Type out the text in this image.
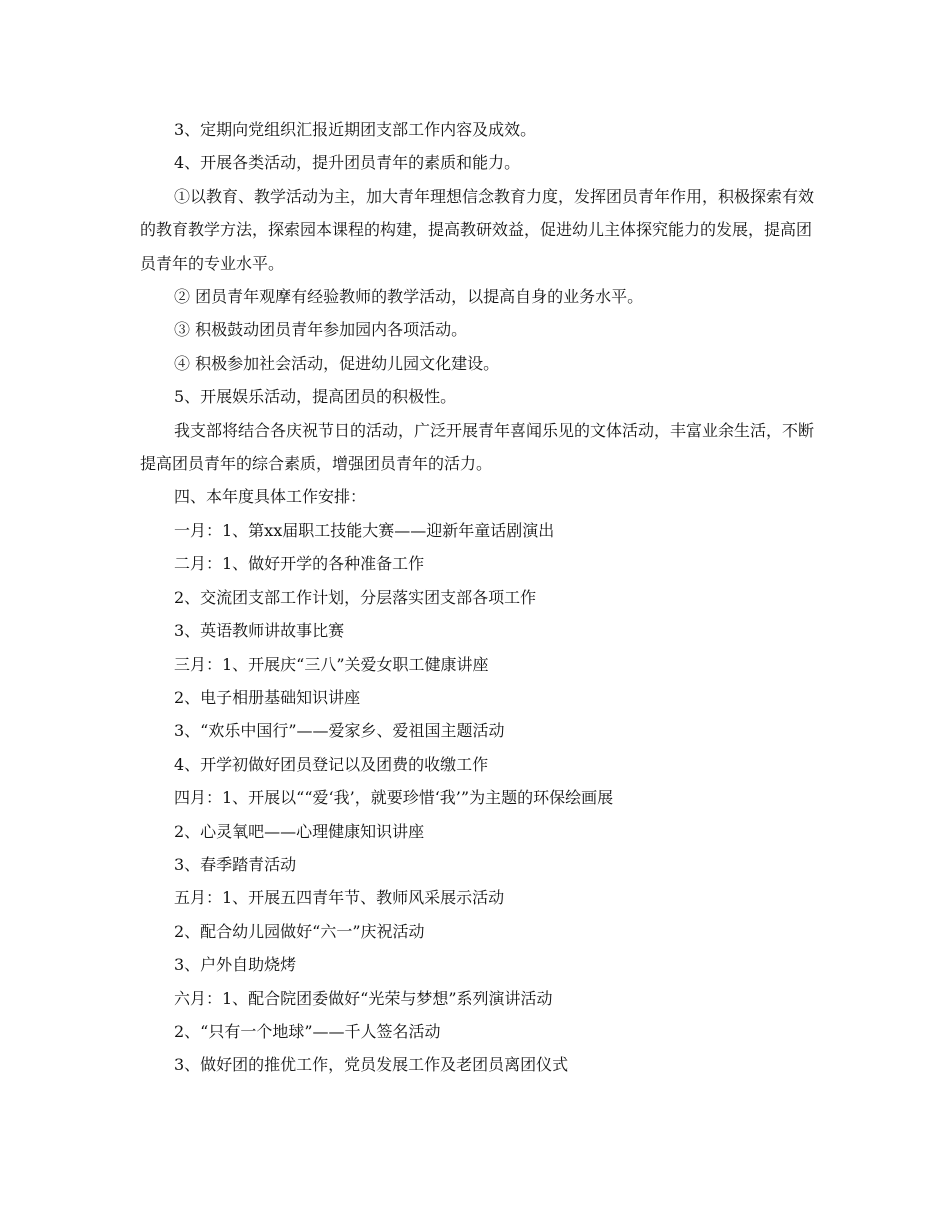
3、定期向党组织汇报近期团支部工作内容及成效。

4、开展各类活动，提升团员青年的素质和能力。

①以教育、教学活动为主，加大青年理想信念教育力度，发挥团员青年作用，积极探索有效的教育教学方法，探索园本课程的构建，提高教研效益，促进幼儿主体探究能力的发展，提高团员青年的专业水平。

② 团员青年观摩有经验教师的教学活动，以提高自身的业务水平。

③ 积极鼓动团员青年参加园内各项活动。

④ 积极参加社会活动，促进幼儿园文化建设。

5、开展娱乐活动，提高团员的积极性。

我支部将结合各庆祝节日的活动，广泛开展青年喜闻乐见的文体活动，丰富业余生活，不断提高团员青年的综合素质，增强团员青年的活力。

四、本年度具体工作安排：

一月：1、第xx届职工技能大赛——迎新年童话剧演出

二月：1、做好开学的各种准备工作

2、交流团支部工作计划，分层落实团支部各项工作

3、英语教师讲故事比赛

三月：1、开展庆“三八”关爱女职工健康讲座

2、电子相册基础知识讲座

3、“欢乐中国行”——爱家乡、爱祖国主题活动

4、开学初做好团员登记以及团费的收缴工作

四月：1、开展以““爱‘我’，就要珍惜‘我’”为主题的环保绘画展

2、心灵氧吧——心理健康知识讲座

3、春季踏青活动

五月：1、开展五四青年节、教师风采展示活动

2、配合幼儿园做好“六一”庆祝活动

3、户外自助烧烤

六月：1、配合院团委做好“光荣与梦想”系列演讲活动

2、“只有一个地球”——千人签名活动

3、做好团的推优工作，党员发展工作及老团员离团仪式
